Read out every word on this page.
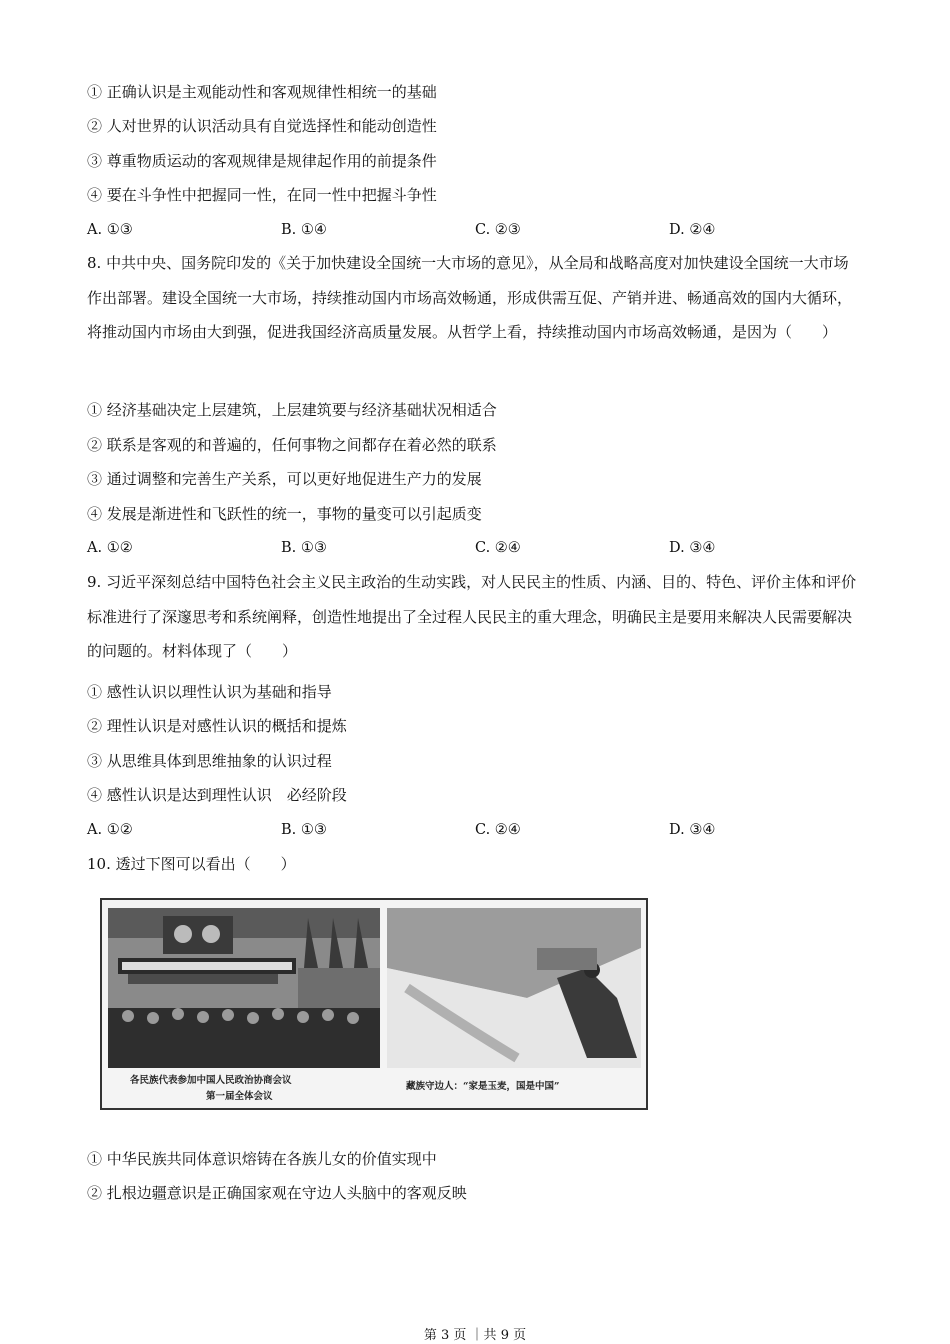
① 正确认识是主观能动性和客观规律性相统一的基础
② 人对世界的认识活动具有自觉选择性和能动创造性
③ 尊重物质运动的客观规律是规律起作用的前提条件
④ 要在斗争性中把握同一性，在同一性中把握斗争性
A. ①③	B. ①④	C. ②③	D. ②④
8. 中共中央、国务院印发的《关于加快建设全国统一大市场的意见》，从全局和战略高度对加快建设全国统一大市场作出部署。建设全国统一大市场，持续推动国内市场高效畅通，形成供需互促、产销并进、畅通高效的国内大循环，将推动国内市场由大到强，促进我国经济高质量发展。从哲学上看，持续推动国内市场高效畅通，是因为（　　）
① 经济基础决定上层建筑，上层建筑要与经济基础状况相适合
② 联系是客观的和普遍的，任何事物之间都存在着必然的联系
③ 通过调整和完善生产关系，可以更好地促进生产力的发展
④ 发展是渐进性和飞跃性的统一，事物的量变可以引起质变
A. ①②	B. ①③	C. ②④	D. ③④
9. 习近平深刻总结中国特色社会主义民主政治的生动实践，对人民民主的性质、内涵、目的、特色、评价主体和评价标准进行了深邃思考和系统阐释，创造性地提出了全过程人民民主的重大理念，明确民主是要用来解决人民需要解决的问题的。材料体现了（　　）
① 感性认识以理性认识为基础和指导
② 理性认识是对感性认识的概括和提炼
③ 从思维具体到思维抽象的认识过程
④ 感性认识是达到理性认识　必经阶段
A. ①②	B. ①③	C. ②④	D. ③④
10. 透过下图可以看出（　　）
各民族代表参加中国人民政治协商会议
第一届全体会议
藏族守边人：“家是玉麦，国是中国”
① 中华民族共同体意识熔铸在各族儿女的价值实现中
② 扎根边疆意识是正确国家观在守边人头脑中的客观反映
第 3 页 ｜共 9 页
